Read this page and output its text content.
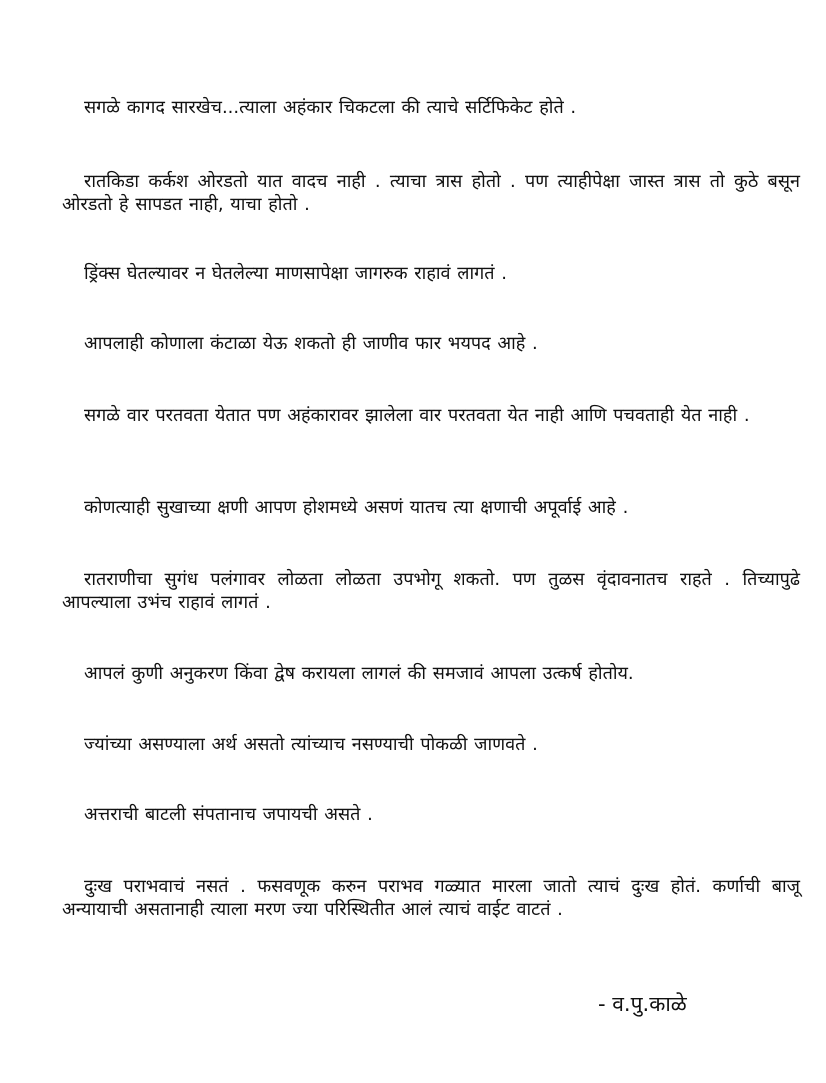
सगळे कागद सारखेच...त्याला अहंकार चिकटला की त्याचे सर्टिफिकेट होते .

रातकिडा कर्कश ओरडतो यात वादच नाही . त्याचा त्रास होतो . पण त्याहीपेक्षा जास्त त्रास तो कुठे बसून ओरडतो हे सापडत नाही, याचा होतो .

ड्रिंक्स घेतल्यावर न घेतलेल्या माणसापेक्षा जागरुक राहावं लागतं .

आपलाही कोणाला कंटाळा येऊ शकतो ही जाणीव फार भयपद आहे .

सगळे वार परतवता येतात पण अहंकारावर झालेला वार परतवता येत नाही आणि पचवताही येत नाही .

कोणत्याही सुखाच्या क्षणी आपण होशमध्ये असणं यातच त्या क्षणाची अपूर्वाई आहे .

रातराणीचा सुगंध पलंगावर लोळता लोळता उपभोगू शकतो. पण तुळस वृंदावनातच राहते . तिच्यापुढे आपल्याला उभंच राहावं लागतं .

आपलं कुणी अनुकरण किंवा द्वेष करायला लागलं की समजावं आपला उत्कर्ष होतोय.

ज्यांच्या असण्याला अर्थ असतो त्यांच्याच नसण्याची पोकळी जाणवते .

अत्तराची बाटली संपतानाच जपायची असते .

दुःख पराभवाचं नसतं . फसवणूक करुन पराभव गळ्यात मारला जातो त्याचं दुःख होतं. कर्णाची बाजू अन्यायाची असतानाही त्याला मरण ज्या परिस्थितीत आलं त्याचं वाईट वाटतं .

- व.पु.काळे
